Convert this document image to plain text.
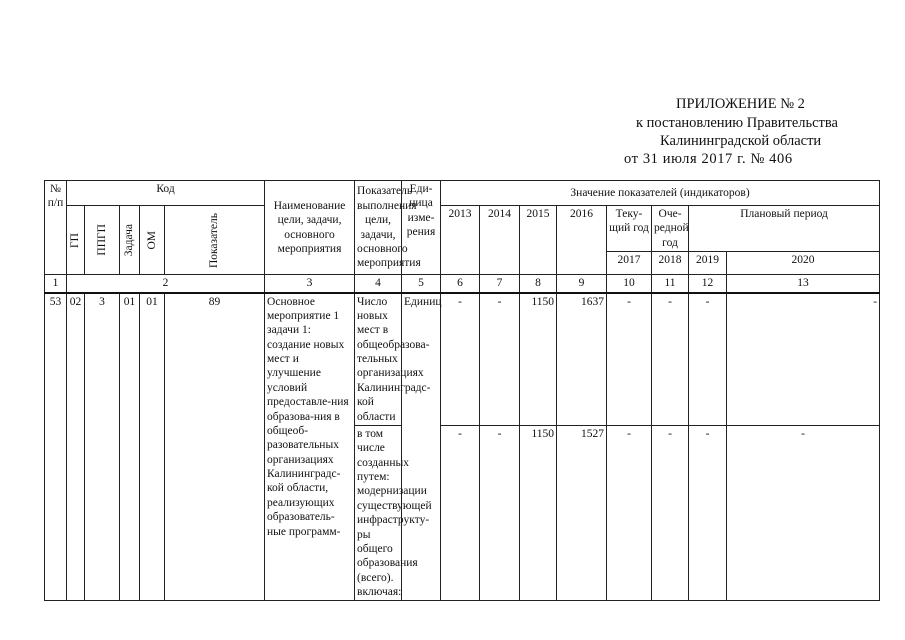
ПРИЛОЖЕНИЕ № 2
к постановлению Правительства
Калининградской области
от 31 июля 2017 г. № 406
№ п/п	Код					Наименование цели, задачи, основного мероприятия	Показатель выполнения цели, задачи, основного мероприятия	Еди-ница изме-рения	Значение показателей (индикаторов)	

	ГП	ППГП	Задача	ОМ	Показатель				2013	2014	2015	2016	Теку-щий год	Оче-редной год	Плановый период		
													2017	2018	2019	2020	
1	2					3	4	5	6	7	8	9	10	11	12	13	
53	02	3	01	01	89	Основное мероприятие 1 задачи 1: создание новых мест и улучшение условий предоставле-ния образова-ния в общеоб-разовательных организациях Калининградс-кой области, реализующих образователь-ные программ-	Число новых мест в общеобразова-тельных организациях Калининградс-кой области	Единиц	-	-	1150	1637	-	-	-	-	
							в том числе созданных путем: модернизации существующей инфраструкту-ры общего образования (всего). включая:		-	-	1150	1527	-	-	-	-	
